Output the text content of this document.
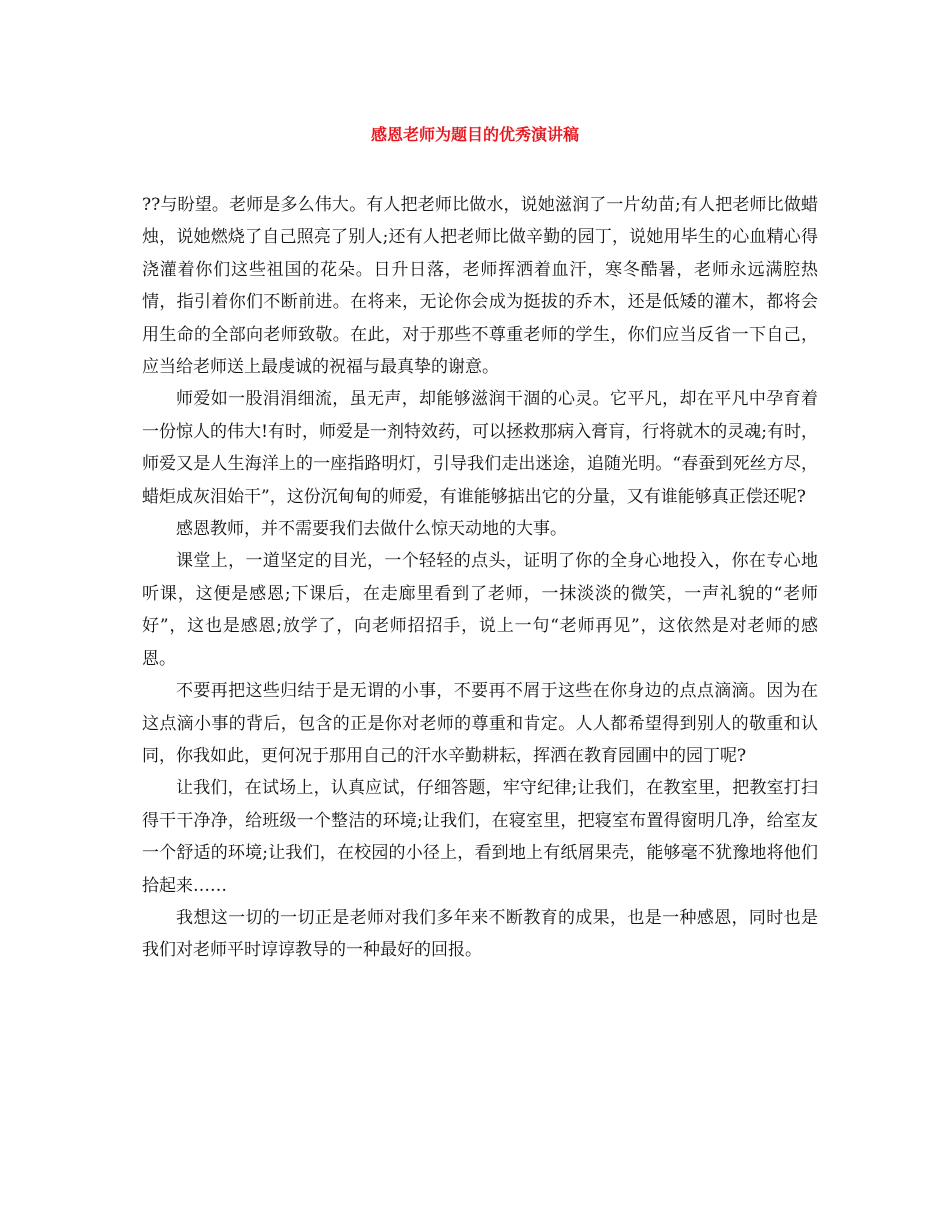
感恩老师为题目的优秀演讲稿

??与盼望。老师是多么伟大。有人把老师比做水，说她滋润了一片幼苗;有人把老师比做蜡烛，说她燃烧了自己照亮了别人;还有人把老师比做辛勤的园丁，说她用毕生的心血精心得浇灌着你们这些祖国的花朵。日升日落，老师挥洒着血汗，寒冬酷暑，老师永远满腔热情，指引着你们不断前进。在将来，无论你会成为挺拔的乔木，还是低矮的灌木，都将会用生命的全部向老师致敬。在此，对于那些不尊重老师的学生，你们应当反省一下自己，应当给老师送上最虔诚的祝福与最真挚的谢意。

师爱如一股涓涓细流，虽无声，却能够滋润干涸的心灵。它平凡，却在平凡中孕育着一份惊人的伟大!有时，师爱是一剂特效药，可以拯救那病入膏肓，行将就木的灵魂;有时，师爱又是人生海洋上的一座指路明灯，引导我们走出迷途，追随光明。“春蚕到死丝方尽，蜡炬成灰泪始干”，这份沉甸甸的师爱，有谁能够掂出它的分量，又有谁能够真正偿还呢?

感恩教师，并不需要我们去做什么惊天动地的大事。

课堂上，一道坚定的目光，一个轻轻的点头，证明了你的全身心地投入，你在专心地听课，这便是感恩;下课后，在走廊里看到了老师，一抹淡淡的微笑，一声礼貌的“老师好”，这也是感恩;放学了，向老师招招手，说上一句“老师再见”，这依然是对老师的感恩。

不要再把这些归结于是无谓的小事，不要再不屑于这些在你身边的点点滴滴。因为在这点滴小事的背后，包含的正是你对老师的尊重和肯定。人人都希望得到别人的敬重和认同，你我如此，更何况于那用自己的汗水辛勤耕耘，挥洒在教育园圃中的园丁呢?

让我们，在试场上，认真应试，仔细答题，牢守纪律;让我们，在教室里，把教室打扫得干干净净，给班级一个整洁的环境;让我们，在寝室里，把寝室布置得窗明几净，给室友一个舒适的环境;让我们，在校园的小径上，看到地上有纸屑果壳，能够毫不犹豫地将他们拾起来……

我想这一切的一切正是老师对我们多年来不断教育的成果，也是一种感恩，同时也是我们对老师平时谆谆教导的一种最好的回报。
